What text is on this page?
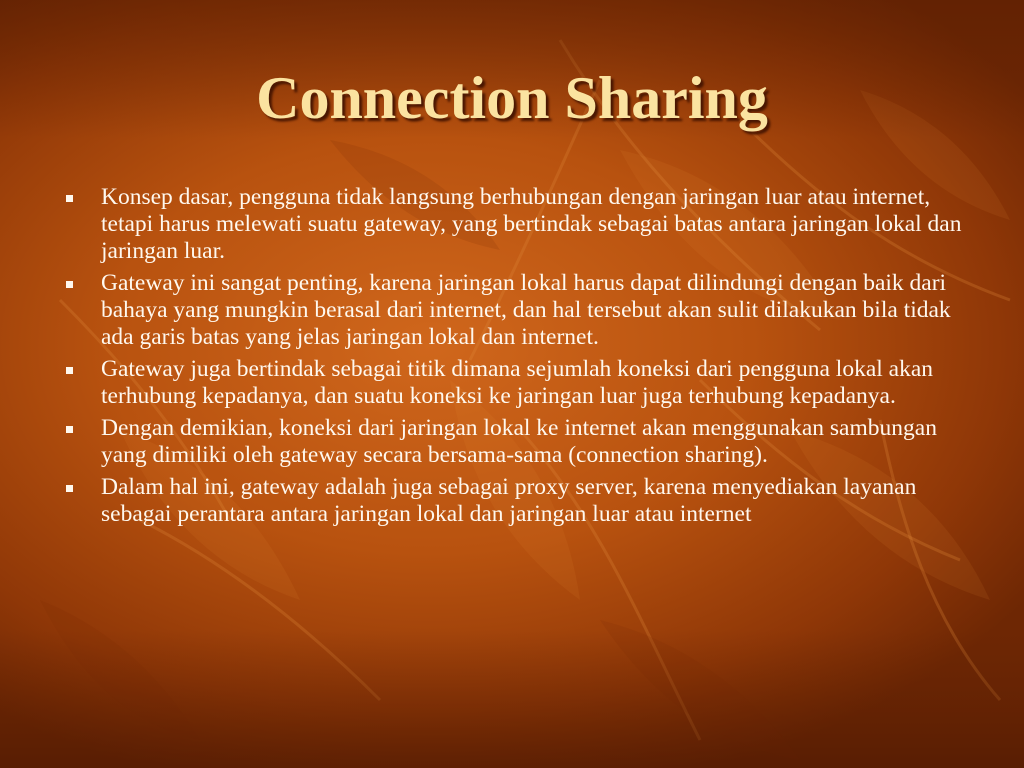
Connection Sharing
Konsep dasar, pengguna tidak langsung berhubungan dengan jaringan luar atau internet, tetapi harus melewati suatu gateway, yang bertindak sebagai batas antara jaringan lokal dan jaringan luar.
Gateway ini sangat penting, karena jaringan lokal harus dapat dilindungi dengan baik dari bahaya yang mungkin berasal dari internet, dan hal tersebut akan sulit dilakukan bila tidak ada garis batas yang jelas jaringan lokal dan internet.
Gateway juga bertindak sebagai titik dimana sejumlah koneksi dari pengguna lokal akan terhubung kepadanya, dan suatu koneksi ke jaringan luar juga terhubung kepadanya.
Dengan demikian, koneksi dari jaringan lokal ke internet akan menggunakan sambungan yang dimiliki oleh gateway secara bersama-sama (connection sharing).
Dalam hal ini, gateway adalah juga sebagai proxy server, karena menyediakan layanan sebagai perantara antara jaringan lokal dan jaringan luar atau internet
